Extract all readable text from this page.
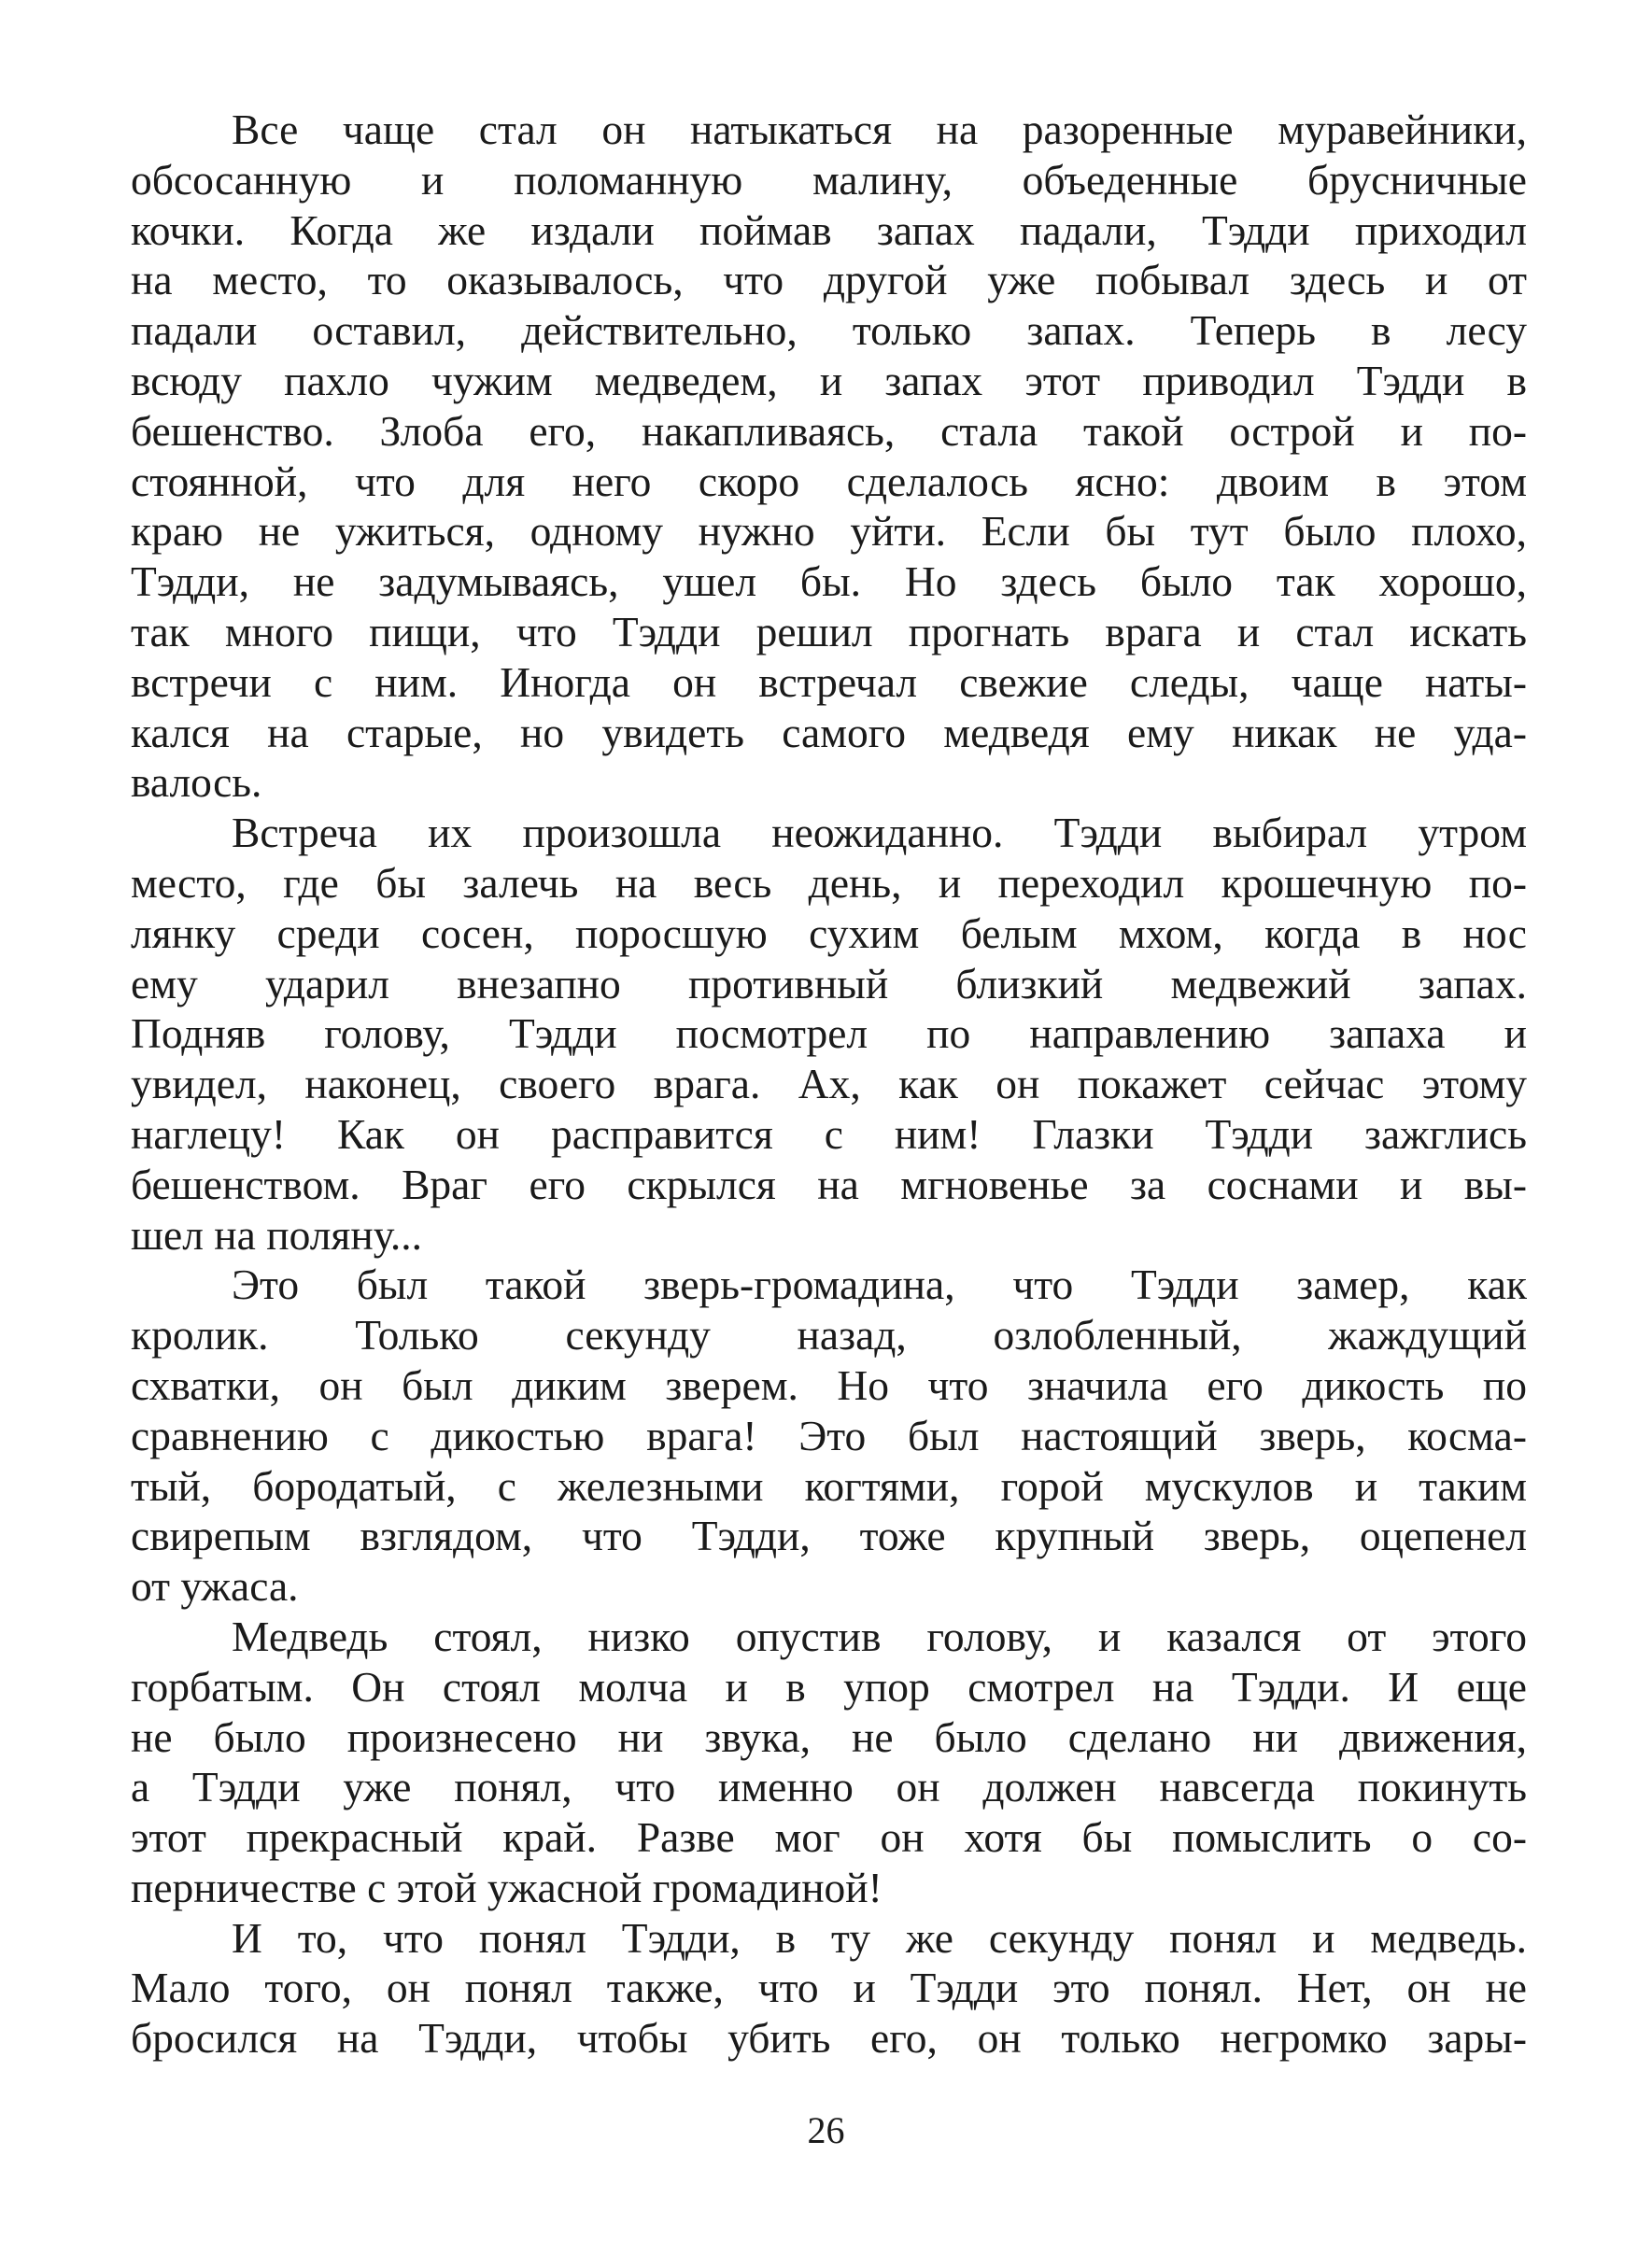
Все чаще стал он натыкаться на разоренные муравейники,
обсосанную и поломанную малину, объеденные брусничные
кочки. Когда же издали поймав запах падали, Тэдди приходил
на место, то оказывалось, что другой уже побывал здесь и от
падали оставил, действительно, только запах. Теперь в лесу
всюду пахло чужим медведем, и запах этот приводил Тэдди в
бешенство. Злоба его, накапливаясь, стала такой острой и по-
стоянной, что для него скоро сделалось ясно: двоим в этом
краю не ужиться, одному нужно уйти. Если бы тут было плохо,
Тэдди, не задумываясь, ушел бы. Но здесь было так хорошо,
так много пищи, что Тэдди решил прогнать врага и стал искать
встречи с ним. Иногда он встречал свежие следы, чаще наты-
кался на старые, но увидеть самого медведя ему никак не уда-
валось.
Встреча их произошла неожиданно. Тэдди выбирал утром
место, где бы залечь на весь день, и переходил крошечную по-
лянку среди сосен, поросшую сухим белым мхом, когда в нос
ему ударил внезапно противный близкий медвежий запах.
Подняв голову, Тэдди посмотрел по направлению запаха и
увидел, наконец, своего врага. Ах, как он покажет сейчас этому
наглецу! Как он расправится с ним! Глазки Тэдди зажглись
бешенством. Враг его скрылся на мгновенье за соснами и вы-
шел на поляну...
Это был такой зверь-громадина, что Тэдди замер, как
кролик. Только секунду назад, озлобленный, жаждущий
схватки, он был диким зверем. Но что значила его дикость по
сравнению с дикостью врага! Это был настоящий зверь, косма-
тый, бородатый, с железными когтями, горой мускулов и таким
свирепым взглядом, что Тэдди, тоже крупный зверь, оцепенел
от ужаса.
Медведь стоял, низко опустив голову, и казался от этого
горбатым. Он стоял молча и в упор смотрел на Тэдди. И еще
не было произнесено ни звука, не было сделано ни движения,
а Тэдди уже понял, что именно он должен навсегда покинуть
этот прекрасный край. Разве мог он хотя бы помыслить о со-
перничестве с этой ужасной громадиной!
И то, что понял Тэдди, в ту же секунду понял и медведь.
Мало того, он понял также, что и Тэдди это понял. Нет, он не
бросился на Тэдди, чтобы убить его, он только негромко зары-
26
